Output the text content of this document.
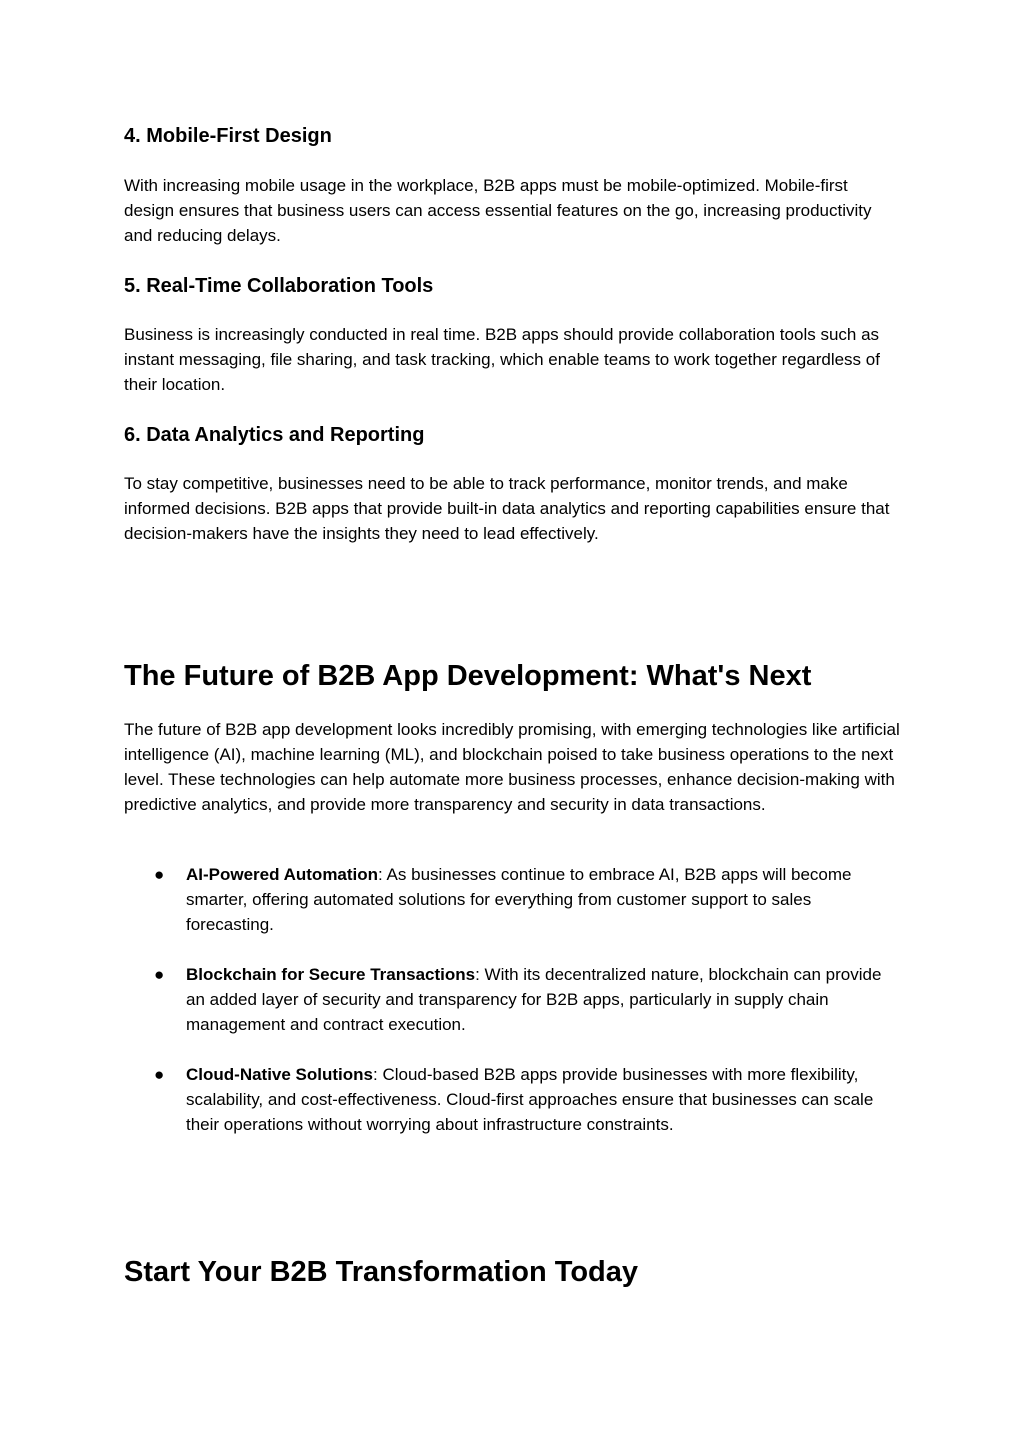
4. Mobile-First Design

With increasing mobile usage in the workplace, B2B apps must be mobile-optimized. Mobile-first design ensures that business users can access essential features on the go, increasing productivity and reducing delays.

5. Real-Time Collaboration Tools

Business is increasingly conducted in real time. B2B apps should provide collaboration tools such as instant messaging, file sharing, and task tracking, which enable teams to work together regardless of their location.

6. Data Analytics and Reporting

To stay competitive, businesses need to be able to track performance, monitor trends, and make informed decisions. B2B apps that provide built-in data analytics and reporting capabilities ensure that decision-makers have the insights they need to lead effectively.

The Future of B2B App Development: What's Next

The future of B2B app development looks incredibly promising, with emerging technologies like artificial intelligence (AI), machine learning (ML), and blockchain poised to take business operations to the next level. These technologies can help automate more business processes, enhance decision-making with predictive analytics, and provide more transparency and security in data transactions.

● AI-Powered Automation: As businesses continue to embrace AI, B2B apps will become smarter, offering automated solutions for everything from customer support to sales forecasting.

● Blockchain for Secure Transactions: With its decentralized nature, blockchain can provide an added layer of security and transparency for B2B apps, particularly in supply chain management and contract execution.

● Cloud-Native Solutions: Cloud-based B2B apps provide businesses with more flexibility, scalability, and cost-effectiveness. Cloud-first approaches ensure that businesses can scale their operations without worrying about infrastructure constraints.

Start Your B2B Transformation Today
